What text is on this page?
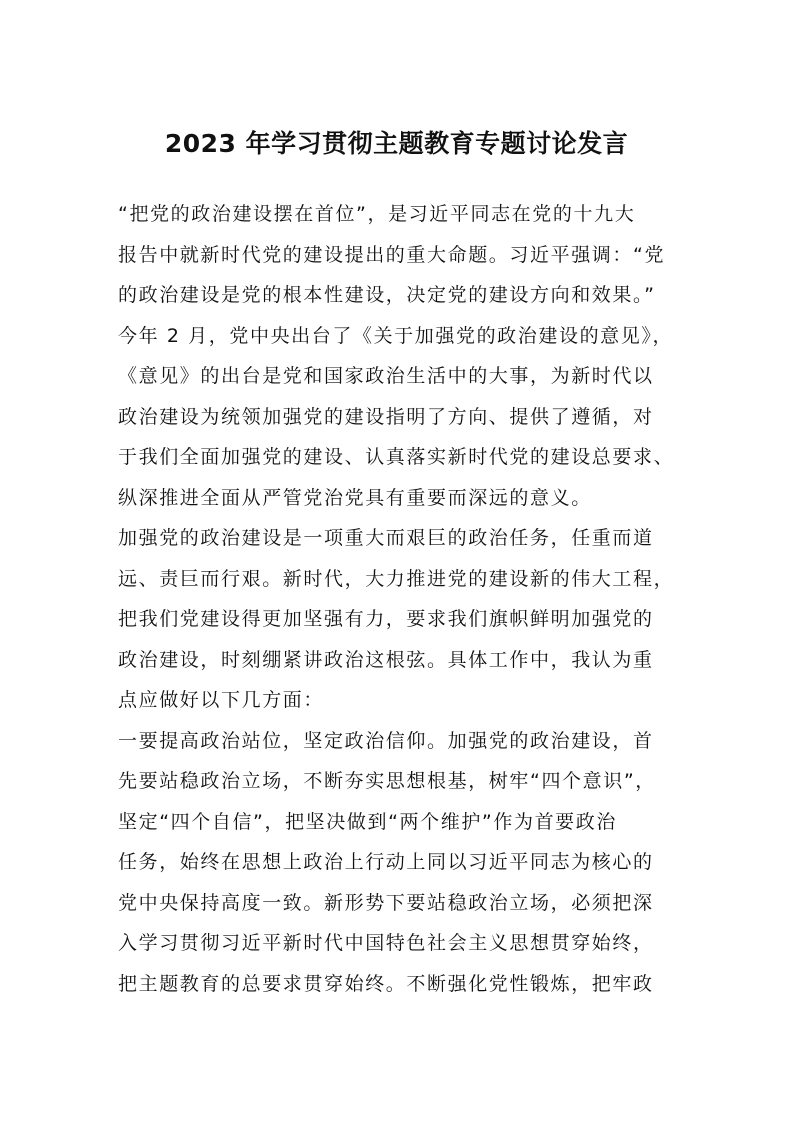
2023 年学习贯彻主题教育专题讨论发言
“把党的政治建设摆在首位”，是习近平同志在党的十九大
报告中就新时代党的建设提出的重大命题。习近平强调：“党
的政治建设是党的根本性建设，决定党的建设方向和效果。”
今年 2 月，党中央出台了《关于加强党的政治建设的意见》，
《意见》的出台是党和国家政治生活中的大事，为新时代以
政治建设为统领加强党的建设指明了方向、提供了遵循，对
于我们全面加强党的建设、认真落实新时代党的建设总要求、
纵深推进全面从严管党治党具有重要而深远的意义。
加强党的政治建设是一项重大而艰巨的政治任务，任重而道
远、责巨而行艰。新时代，大力推进党的建设新的伟大工程，
把我们党建设得更加坚强有力，要求我们旗帜鲜明加强党的
政治建设，时刻绷紧讲政治这根弦。具体工作中，我认为重
点应做好以下几方面：
一要提高政治站位，坚定政治信仰。加强党的政治建设，首
先要站稳政治立场，不断夯实思想根基，树牢“四个意识”，
坚定“四个自信”，把坚决做到“两个维护”作为首要政治
任务，始终在思想上政治上行动上同以习近平同志为核心的
党中央保持高度一致。新形势下要站稳政治立场，必须把深
入学习贯彻习近平新时代中国特色社会主义思想贯穿始终，
把主题教育的总要求贯穿始终。不断强化党性锻炼，把牢政
